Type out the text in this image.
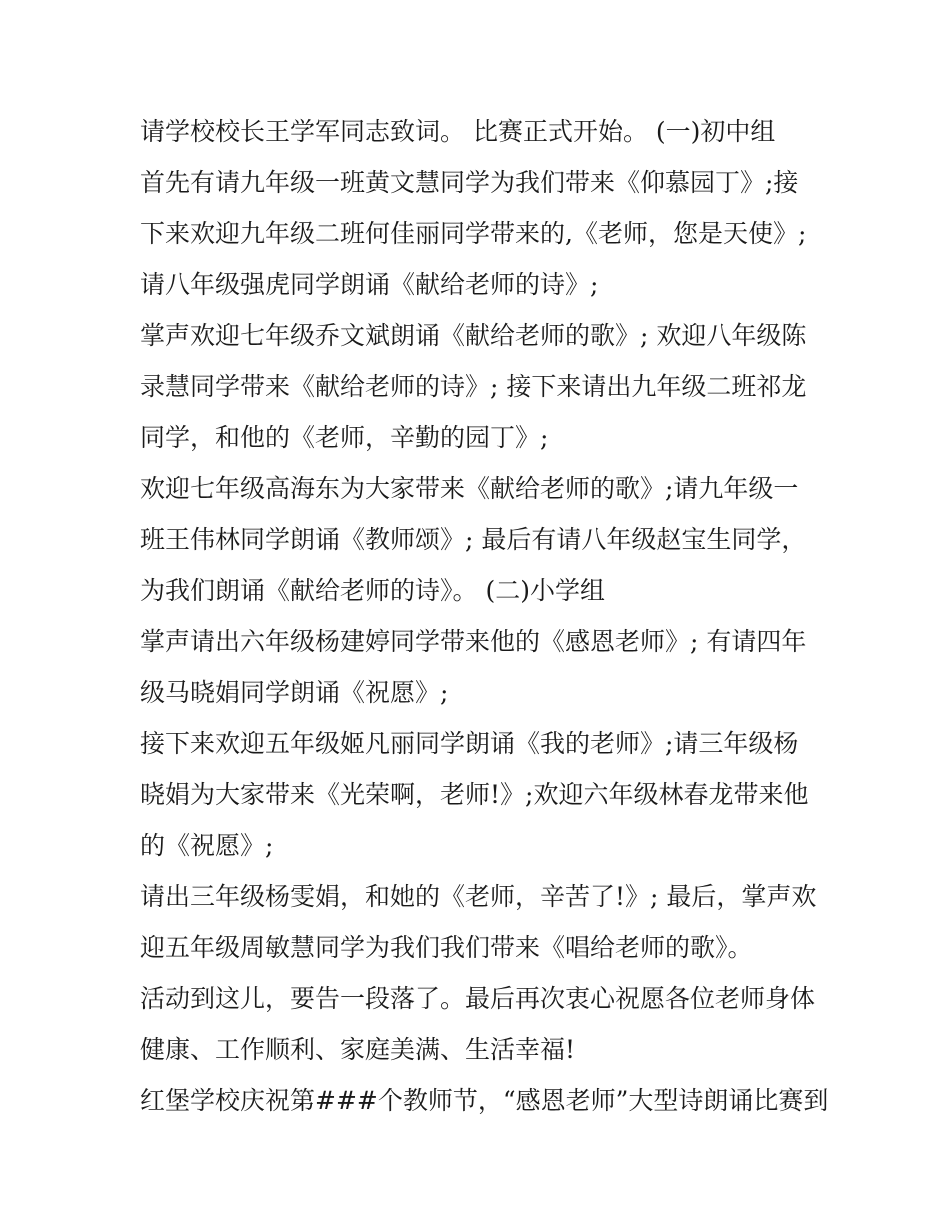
请学校校长王学军同志致词。 比赛正式开始。 (一)初中组
首先有请九年级一班黄文慧同学为我们带来《仰慕园丁》;接
下来欢迎九年级二班何佳丽同学带来的,《老师，您是天使》;
请八年级强虎同学朗诵《献给老师的诗》;
掌声欢迎七年级乔文斌朗诵《献给老师的歌》; 欢迎八年级陈
录慧同学带来《献给老师的诗》; 接下来请出九年级二班祁龙
同学，和他的《老师，辛勤的园丁》;
欢迎七年级高海东为大家带来《献给老师的歌》;请九年级一
班王伟林同学朗诵《教师颂》; 最后有请八年级赵宝生同学，
为我们朗诵《献给老师的诗》。 (二)小学组
掌声请出六年级杨建婷同学带来他的《感恩老师》; 有请四年
级马晓娟同学朗诵《祝愿》;
接下来欢迎五年级姬凡丽同学朗诵《我的老师》;请三年级杨
晓娟为大家带来《光荣啊，老师!》;欢迎六年级林春龙带来他
的《祝愿》;
请出三年级杨雯娟，和她的《老师，辛苦了!》; 最后，掌声欢
迎五年级周敏慧同学为我们我们带来《唱给老师的歌》。
活动到这儿，要告一段落了。最后再次衷心祝愿各位老师身体
健康、工作顺利、家庭美满、生活幸福!
红堡学校庆祝第###个教师节，“感恩老师”大型诗朗诵比赛到
